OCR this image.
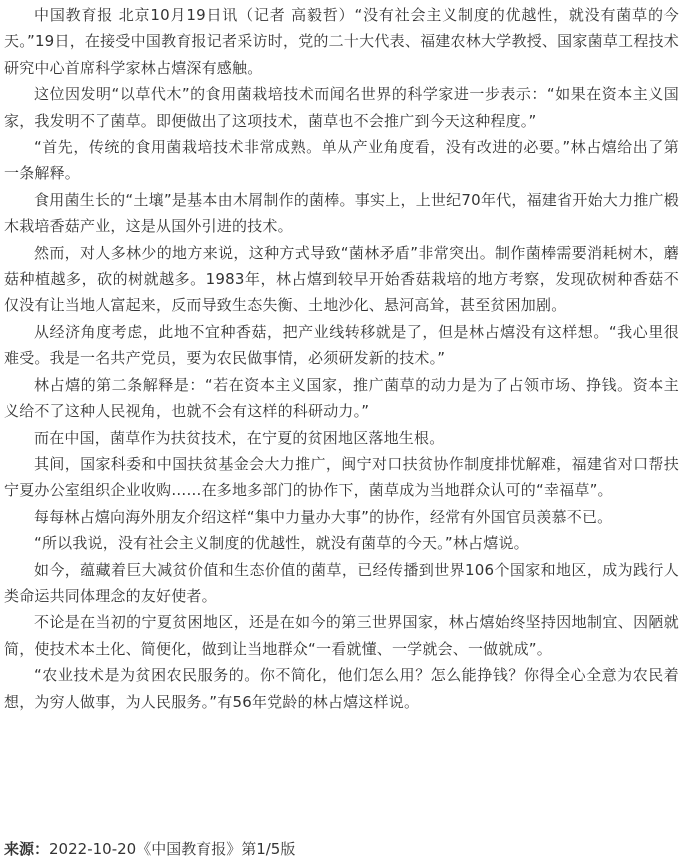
中国教育报 北京10月19日讯（记者 高毅哲）“没有社会主义制度的优越性，就没有菌草的今天。”19日，在接受中国教育报记者采访时，党的二十大代表、福建农林大学教授、国家菌草工程技术研究中心首席科学家林占熺深有感触。

这位因发明“以草代木”的食用菌栽培技术而闻名世界的科学家进一步表示：“如果在资本主义国家，我发明不了菌草。即便做出了这项技术，菌草也不会推广到今天这种程度。”

“首先，传统的食用菌栽培技术非常成熟。单从产业角度看，没有改进的必要。”林占熺给出了第一条解释。

食用菌生长的“土壤”是基本由木屑制作的菌棒。事实上，上世纪70年代，福建省开始大力推广椴木栽培香菇产业，这是从国外引进的技术。

然而，对人多林少的地方来说，这种方式导致“菌林矛盾”非常突出。制作菌棒需要消耗树木，蘑菇种植越多，砍的树就越多。1983年，林占熺到较早开始香菇栽培的地方考察，发现砍树种香菇不仅没有让当地人富起来，反而导致生态失衡、土地沙化、悬河高耸，甚至贫困加剧。

从经济角度考虑，此地不宜种香菇，把产业线转移就是了，但是林占熺没有这样想。“我心里很难受。我是一名共产党员，要为农民做事情，必须研发新的技术。”

林占熺的第二条解释是：“若在资本主义国家，推广菌草的动力是为了占领市场、挣钱。资本主义给不了这种人民视角，也就不会有这样的科研动力。”

而在中国，菌草作为扶贫技术，在宁夏的贫困地区落地生根。

其间，国家科委和中国扶贫基金会大力推广，闽宁对口扶贫协作制度排忧解难，福建省对口帮扶宁夏办公室组织企业收购……在多地多部门的协作下，菌草成为当地群众认可的“幸福草”。

每每林占熺向海外朋友介绍这样“集中力量办大事”的协作，经常有外国官员羡慕不已。

“所以我说，没有社会主义制度的优越性，就没有菌草的今天。”林占熺说。

如今，蕴藏着巨大减贫价值和生态价值的菌草，已经传播到世界106个国家和地区，成为践行人类命运共同体理念的友好使者。

不论是在当初的宁夏贫困地区，还是在如今的第三世界国家，林占熺始终坚持因地制宜、因陋就简，使技术本土化、简便化，做到让当地群众“一看就懂、一学就会、一做就成”。

“农业技术是为贫困农民服务的。你不简化，他们怎么用？怎么能挣钱？你得全心全意为农民着想，为穷人做事，为人民服务。”有56年党龄的林占熺这样说。

来源：2022-10-20《中国教育报》第1/5版
